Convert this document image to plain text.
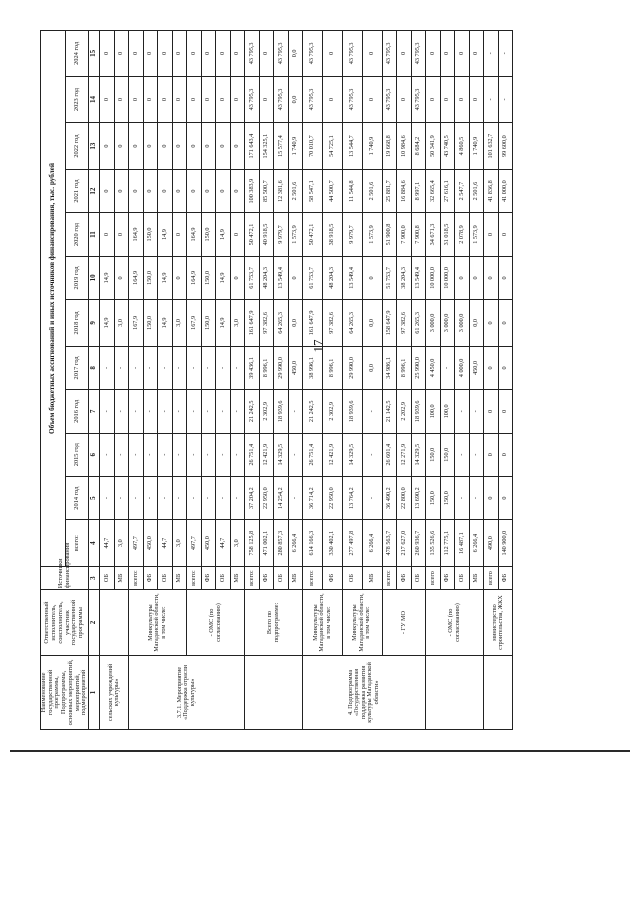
17
Наименование государственной программы, Подпрограммы, основных мероприятий, мероприятий, подмероприятий	Ответственный исполнитель, соисполнитель, участник государственной программы	Источники финансирования	Объем бюджетных ассигнований и иных источников финансирования, тыс. рублей											
			всего:	2014 год	2015 год	2016 год	2017 год	2018 год	2019 год	2020 год	2021 год	2022 год	2023 год	2024 год
1	2	3	4	5	6	7	8	9	10	11	12	13	14	15
сельских учреждений культуры»		ОБ	44,7	-	-	-	-	14,9	14,9	0	0	0	0	0
		МБ	3,0	-	-	-	-	3,0	0	0	0	0	0	0
3.7.1. Мероприятие «Поддержка отрасли культуры»	Минкультуры Магаданской области, в том числе:	всего:	497,7	-	-	-	-	167,9	164,9	164,9	0	0	0	0
		ФБ	450,0	-	-	-	-	150,0	150,0	150,0	0	0	0	0
		ОБ	44,7	-	-	-	-	14,9	14,9	14,9	0	0	0	0
		МБ	3,0	-	-	-	-	3,0	0	0	0	0	0	0
	- ОМС (по согласованию)	всего:	497,7	-	-	-	-	167,9	164,9	164,9	0	0	0	0
		ФБ	450,0	-	-	-	-	150,0	150,0	150,0	0	0	0	0
		ОБ	44,7	-	-	-	-	14,9	14,9	14,9	0	0	0	0
		МБ	3,0	-	-	-	-	3,0	0	0	0	0	0	0
	Всего по подпрограмме:	всего:	758 125,8	37 204,2	26 751,4	21 242,5	39 436,1	161 647,9	61 753,7	50 472,1	100 383,9	171 643,4	43 795,3	43 795,3
		ФБ	471 002,1	22 950,0	12 421,9	2 302,9	8 996,1	97 382,6	48 204,3	40 918,5	85 500,7	154 325,1	0	0
		ОБ	280 857,3	14 254,2	14 329,5	18 939,6	29 990,0	64 265,3	13 549,4	9 979,7	12 381,6	15 577,4	43 795,3	43 795,3
		МБ	6 266,4	-	-	-	450,0	0,0	0	1 573,9	2 501,6	1 740,9	0,0	0,0
4. Подпрограмма «Государственная поддержка развития культуры Магаданской области»	Минкультуры Магаданской области, в том числе:	всего:	614 166,3	36 714,2	26 751,4	21 242,5	38 996,1	161 647,9	61 753,7	50 472,1	58 547,1	70 010,7	43 795,3	43 795,3
		ФБ	330 402,1	22 950,0	12 421,9	2 302,9	8 996,1	97 382,6	48 204,3	38 918,5	44 500,7	54 725,1	0	0
	Минкультуры Магаданской области, в том числе:	ОБ	277 497,8	13 764,2	14 329,5	18 939,6	29 990,0	64 265,3	13 549,4	9 979,7	11 544,8	13 544,7	43 795,3	43 795,3
		МБ	6 266,4	-	-	-	0,0	0,0	0	1 573,9	2 501,6	1 740,9	0	0
	- ГУ МО	всего:	478 563,7	36 490,2	26 601,4	21 142,5	34 986,1	158 647,9	51 753,7	51 900,8	25 881,7	19 668,8	43 795,3	43 795,3
		ФБ	217 627,0	22 800,0	12 271,9	2 202,9	8 996,1	97 382,6	38 204,3	7 900,0	16 884,6	10 984,6	0	0
		ОБ	260 936,7	13 690,2	14 329,5	18 939,6	25 990,0	61 265,3	13 549,4	7 900,8	8 997,1	8 684,2	43 795,3	43 795,3
	- ОМС (по согласованию)	всего	135 526,6	150,0	150,0	100,0	4 450,0	3 000,0	10 000,0	34 671,3	32 665,4	50 341,9	0	0
		ФБ	112 775,1	150,0	150,0	100,0	-	3 000,0	10 000,0	31 018,5	27 616,1	43 740,5	0	0
		ОБ	16 487,1	-	-	-	4 000,0	3 000,0	0	2 078,9	2 547,7	4 860,5	0	0
		МБ	6 266,4	-	-	-	450,0	0,0	0	1 573,9	2 501,6	1 740,9	0	0
	министерство строительства, ЖКХ	всего	490,0	0	0	0	0	0	0	0	41 836,8	101 632,7	-	-
		ФБ	140 900,0	0	0	0	0	0	0	0	41 000,0	99 600,0	-	-
